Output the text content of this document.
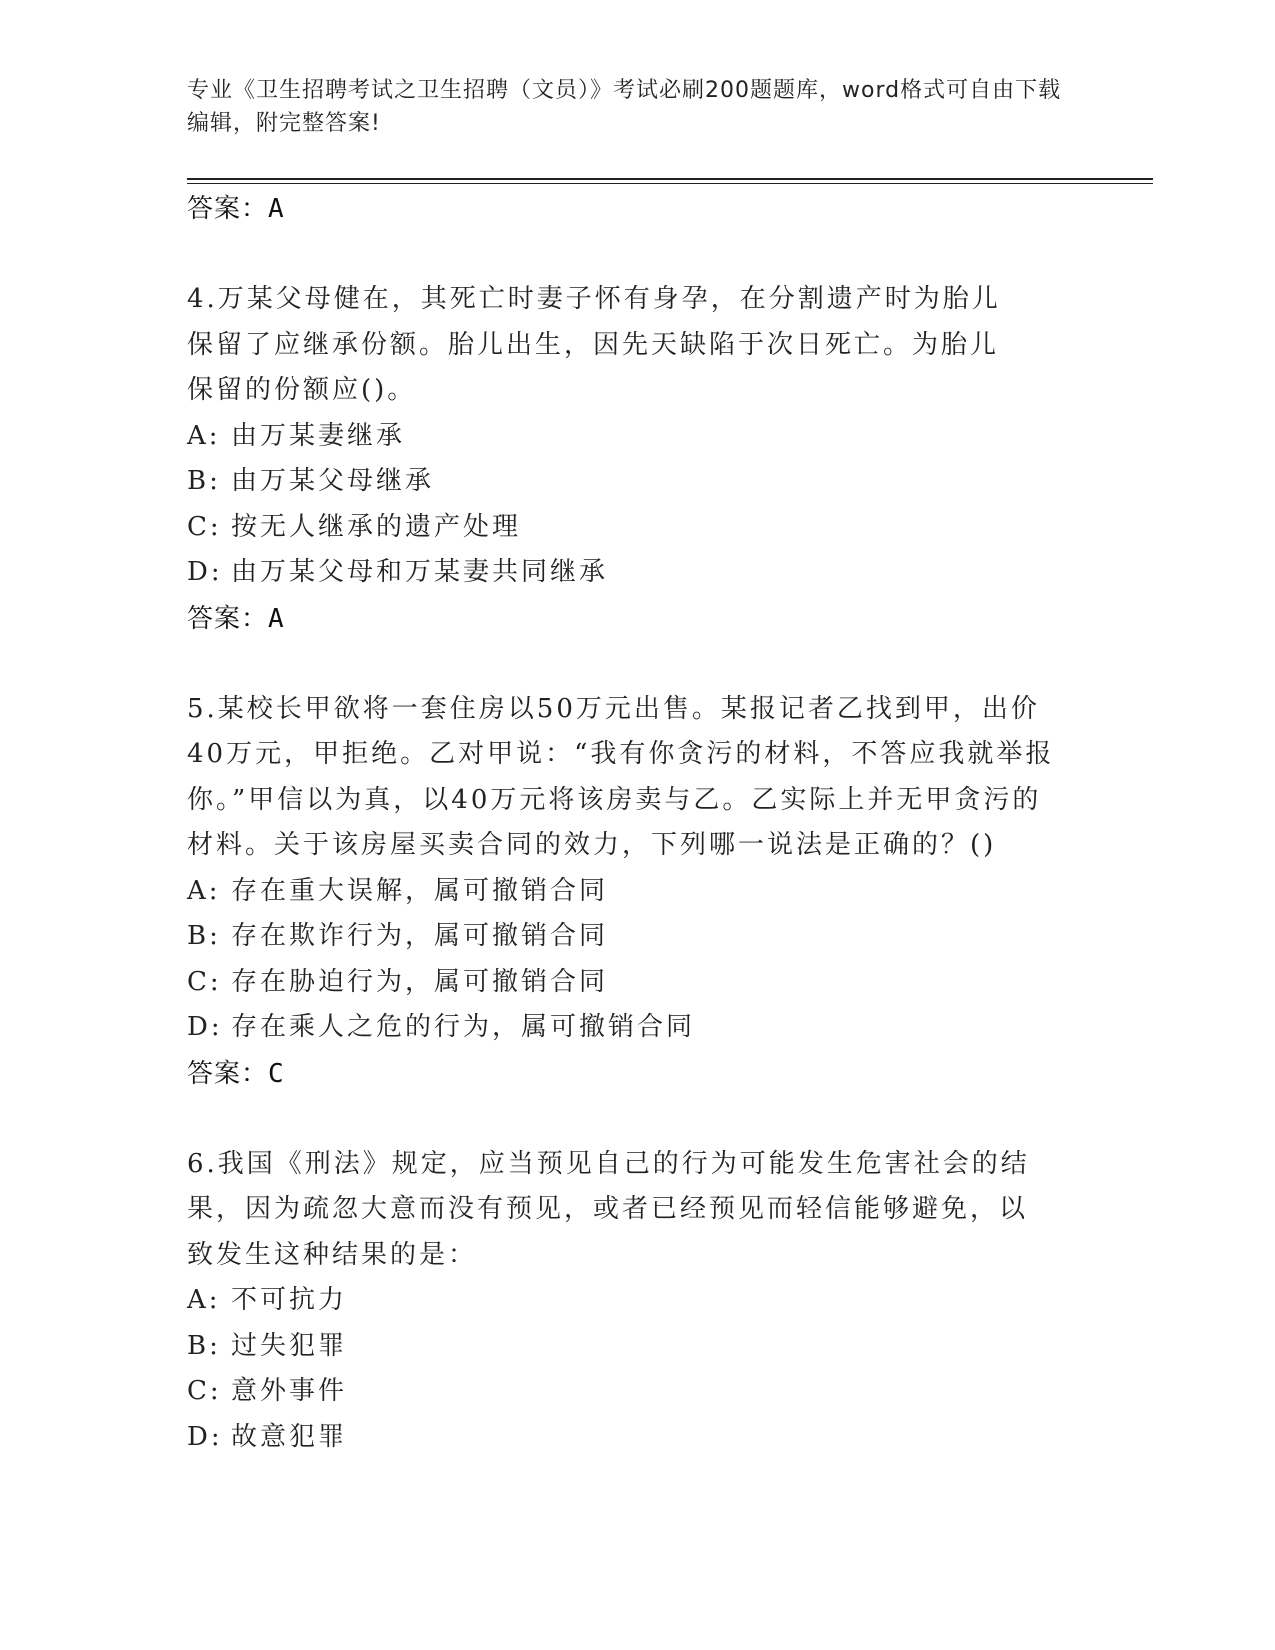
专业《卫生招聘考试之卫生招聘（文员）》考试必刷200题题库，word格式可自由下载编辑，附完整答案!
答案：A

4.万某父母健在，其死亡时妻子怀有身孕，在分割遗产时为胎儿保留了应继承份额。胎儿出生，因先天缺陷于次日死亡。为胎儿保留的份额应()。

A: 由万某妻继承
B: 由万某父母继承
C: 按无人继承的遗产处理
D: 由万某父母和万某妻共同继承
答案：A

5.某校长甲欲将一套住房以50万元出售。某报记者乙找到甲，出价40万元，甲拒绝。乙对甲说：“我有你贪污的材料，不答应我就举报你。”甲信以为真，以40万元将该房卖与乙。乙实际上并无甲贪污的材料。关于该房屋买卖合同的效力，下列哪一说法是正确的？()

A: 存在重大误解，属可撤销合同
B: 存在欺诈行为，属可撤销合同
C: 存在胁迫行为，属可撤销合同
D: 存在乘人之危的行为，属可撤销合同
答案：C

6.我国《刑法》规定，应当预见自己的行为可能发生危害社会的结果，因为疏忽大意而没有预见，或者已经预见而轻信能够避免，以致发生这种结果的是：

A: 不可抗力
B: 过失犯罪
C: 意外事件
D: 故意犯罪
